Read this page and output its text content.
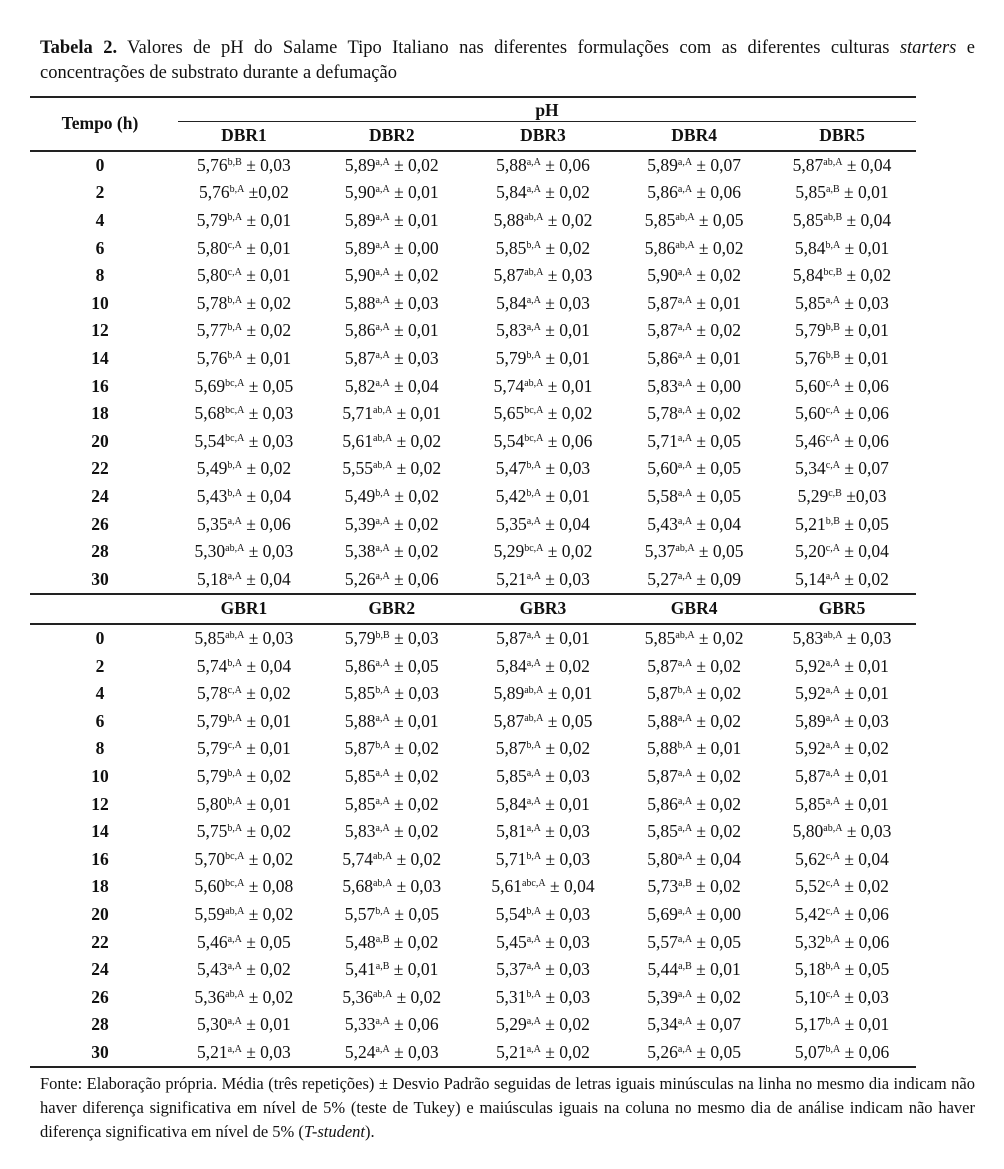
Tabela 2. Valores de pH do Salame Tipo Italiano nas diferentes formulações com as diferentes culturas starters e concentrações de substrato durante a defumação
Tempo (h)	pH				

	DBR1	DBR2	DBR3	DBR4	DBR5
0	$5,76^{b,B} \pm 0,03$	$5,89^{a,A} \pm 0,02$	$5,88^{a,A} \pm 0,06$	$5,89^{a,A} \pm 0,07$	$5,87^{ab,A} \pm 0,04$
2	$5,76^{b,A} \pm 0,02$	$5,90^{a,A} \pm 0,01$	$5,84^{a,A} \pm 0,02$	$5,86^{a,A} \pm 0,06$	$5,85^{a,B} \pm 0,01$
4	$5,79^{b,A} \pm 0,01$	$5,89^{a,A} \pm 0,01$	$5,88^{ab,A} \pm 0,02$	$5,85^{ab,A} \pm 0,05$	$5,85^{ab,B} \pm 0,04$
6	$5,80^{c,A} \pm 0,01$	$5,89^{a,A} \pm 0,00$	$5,85^{b,A} \pm 0,02$	$5,86^{ab,A} \pm 0,02$	$5,84^{b,A} \pm 0,01$
8	$5,80^{c,A} \pm 0,01$	$5,90^{a,A} \pm 0,02$	$5,87^{ab,A} \pm 0,03$	$5,90^{a,A} \pm 0,02$	$5,84^{bc,B} \pm 0,02$
10	$5,78^{b,A} \pm 0,02$	$5,88^{a,A} \pm 0,03$	$5,84^{a,A} \pm 0,03$	$5,87^{a,A} \pm 0,01$	$5,85^{a,A} \pm 0,03$
12	$5,77^{b,A} \pm 0,02$	$5,86^{a,A} \pm 0,01$	$5,83^{a,A} \pm 0,01$	$5,87^{a,A} \pm 0,02$	$5,79^{b,B} \pm 0,01$
14	$5,76^{b,A} \pm 0,01$	$5,87^{a,A} \pm 0,03$	$5,79^{b,A} \pm 0,01$	$5,86^{a,A} \pm 0,01$	$5,76^{b,B} \pm 0,01$
16	$5,69^{bc,A} \pm 0,05$	$5,82^{a,A} \pm 0,04$	$5,74^{ab,A} \pm 0,01$	$5,83^{a,A} \pm 0,00$	$5,60^{c,A} \pm 0,06$
18	$5,68^{bc,A} \pm 0,03$	$5,71^{ab,A} \pm 0,01$	$5,65^{bc,A} \pm 0,02$	$5,78^{a,A} \pm 0,02$	$5,60^{c,A} \pm 0,06$
20	$5,54^{bc,A} \pm 0,03$	$5,61^{ab,A} \pm 0,02$	$5,54^{bc,A} \pm 0,06$	$5,71^{a,A} \pm 0,05$	$5,46^{c,A} \pm 0,06$
22	$5,49^{b,A} \pm 0,02$	$5,55^{ab,A} \pm 0,02$	$5,47^{b,A} \pm 0,03$	$5,60^{a,A} \pm 0,05$	$5,34^{c,A} \pm 0,07$
24	$5,43^{b,A} \pm 0,04$	$5,49^{b,A} \pm 0,02$	$5,42^{b,A} \pm 0,01$	$5,58^{a,A} \pm 0,05$	$5,29^{c,B} \pm 0,03$
26	$5,35^{a,A} \pm 0,06$	$5,39^{a,A} \pm 0,02$	$5,35^{a,A} \pm 0,04$	$5,43^{a,A} \pm 0,04$	$5,21^{b,B} \pm 0,05$
28	$5,30^{ab,A} \pm 0,03$	$5,38^{a,A} \pm 0,02$	$5,29^{bc,A} \pm 0,02$	$5,37^{ab,A} \pm 0,05$	$5,20^{c,A} \pm 0,04$
30	$5,18^{a,A} \pm 0,04$	$5,26^{a,A} \pm 0,06$	$5,21^{a,A} \pm 0,03$	$5,27^{a,A} \pm 0,09$	$5,14^{a,A} \pm 0,02$
	GBR1	GBR2	GBR3	GBR4	GBR5
0	$5,85^{ab,A} \pm 0,03$	$5,79^{b,B} \pm 0,03$	$5,87^{a,A} \pm 0,01$	$5,85^{ab,A} \pm 0,02$	$5,83^{ab,A} \pm 0,03$
2	$5,74^{b,A} \pm 0,04$	$5,86^{a,A} \pm 0,05$	$5,84^{a,A} \pm 0,02$	$5,87^{a,A} \pm 0,02$	$5,92^{a,A} \pm 0,01$
4	$5,78^{c,A} \pm 0,02$	$5,85^{b,A} \pm 0,03$	$5,89^{ab,A} \pm 0,01$	$5,87^{b,A} \pm 0,02$	$5,92^{a,A} \pm 0,01$
6	$5,79^{b,A} \pm 0,01$	$5,88^{a,A} \pm 0,01$	$5,87^{ab,A} \pm 0,05$	$5,88^{a,A} \pm 0,02$	$5,89^{a,A} \pm 0,03$
8	$5,79^{c,A} \pm 0,01$	$5,87^{b,A} \pm 0,02$	$5,87^{b,A} \pm 0,02$	$5,88^{b,A} \pm 0,01$	$5,92^{a,A} \pm 0,02$
10	$5,79^{b,A} \pm 0,02$	$5,85^{a,A} \pm 0,02$	$5,85^{a,A} \pm 0,03$	$5,87^{a,A} \pm 0,02$	$5,87^{a,A} \pm 0,01$
12	$5,80^{b,A} \pm 0,01$	$5,85^{a,A} \pm 0,02$	$5,84^{a,A} \pm 0,01$	$5,86^{a,A} \pm 0,02$	$5,85^{a,A} \pm 0,01$
14	$5,75^{b,A} \pm 0,02$	$5,83^{a,A} \pm 0,02$	$5,81^{a,A} \pm 0,03$	$5,85^{a,A} \pm 0,02$	$5,80^{ab,A} \pm 0,03$
16	$5,70^{bc,A} \pm 0,02$	$5,74^{ab,A} \pm 0,02$	$5,71^{b,A} \pm 0,03$	$5,80^{a,A} \pm 0,04$	$5,62^{c,A} \pm 0,04$
18	$5,60^{bc,A} \pm 0,08$	$5,68^{ab,A} \pm 0,03$	$5,61^{abc,A} \pm 0,04$	$5,73^{a,B} \pm 0,02$	$5,52^{c,A} \pm 0,02$
20	$5,59^{ab,A} \pm 0,02$	$5,57^{b,A} \pm 0,05$	$5,54^{b,A} \pm 0,03$	$5,69^{a,A} \pm 0,00$	$5,42^{c,A} \pm 0,06$
22	$5,46^{a,A} \pm 0,05$	$5,48^{a,B} \pm 0,02$	$5,45^{a,A} \pm 0,03$	$5,57^{a,A} \pm 0,05$	$5,32^{b,A} \pm 0,06$
24	$5,43^{a,A} \pm 0,02$	$5,41^{a,B} \pm 0,01$	$5,37^{a,A} \pm 0,03$	$5,44^{a,B} \pm 0,01$	$5,18^{b,A} \pm 0,05$
26	$5,36^{ab,A} \pm 0,02$	$5,36^{ab,A} \pm 0,02$	$5,31^{b,A} \pm 0,03$	$5,39^{a,A} \pm 0,02$	$5,10^{c,A} \pm 0,03$
28	$5,30^{a,A} \pm 0,01$	$5,33^{a,A} \pm 0,06$	$5,29^{a,A} \pm 0,02$	$5,34^{a,A} \pm 0,07$	$5,17^{b,A} \pm 0,01$
30	$5,21^{a,A} \pm 0,03$	$5,24^{a,A} \pm 0,03$	$5,21^{a,A} \pm 0,02$	$5,26^{a,A} \pm 0,05$	$5,07^{b,A} \pm 0,06$
Fonte: Elaboração própria. Média (três repetições) ± Desvio Padrão seguidas de letras iguais minúsculas na linha no mesmo dia indicam não haver diferença significativa em nível de 5% (teste de Tukey) e maiúsculas iguais na coluna no mesmo dia de análise indicam não haver diferença significativa em nível de 5% (T-student).
